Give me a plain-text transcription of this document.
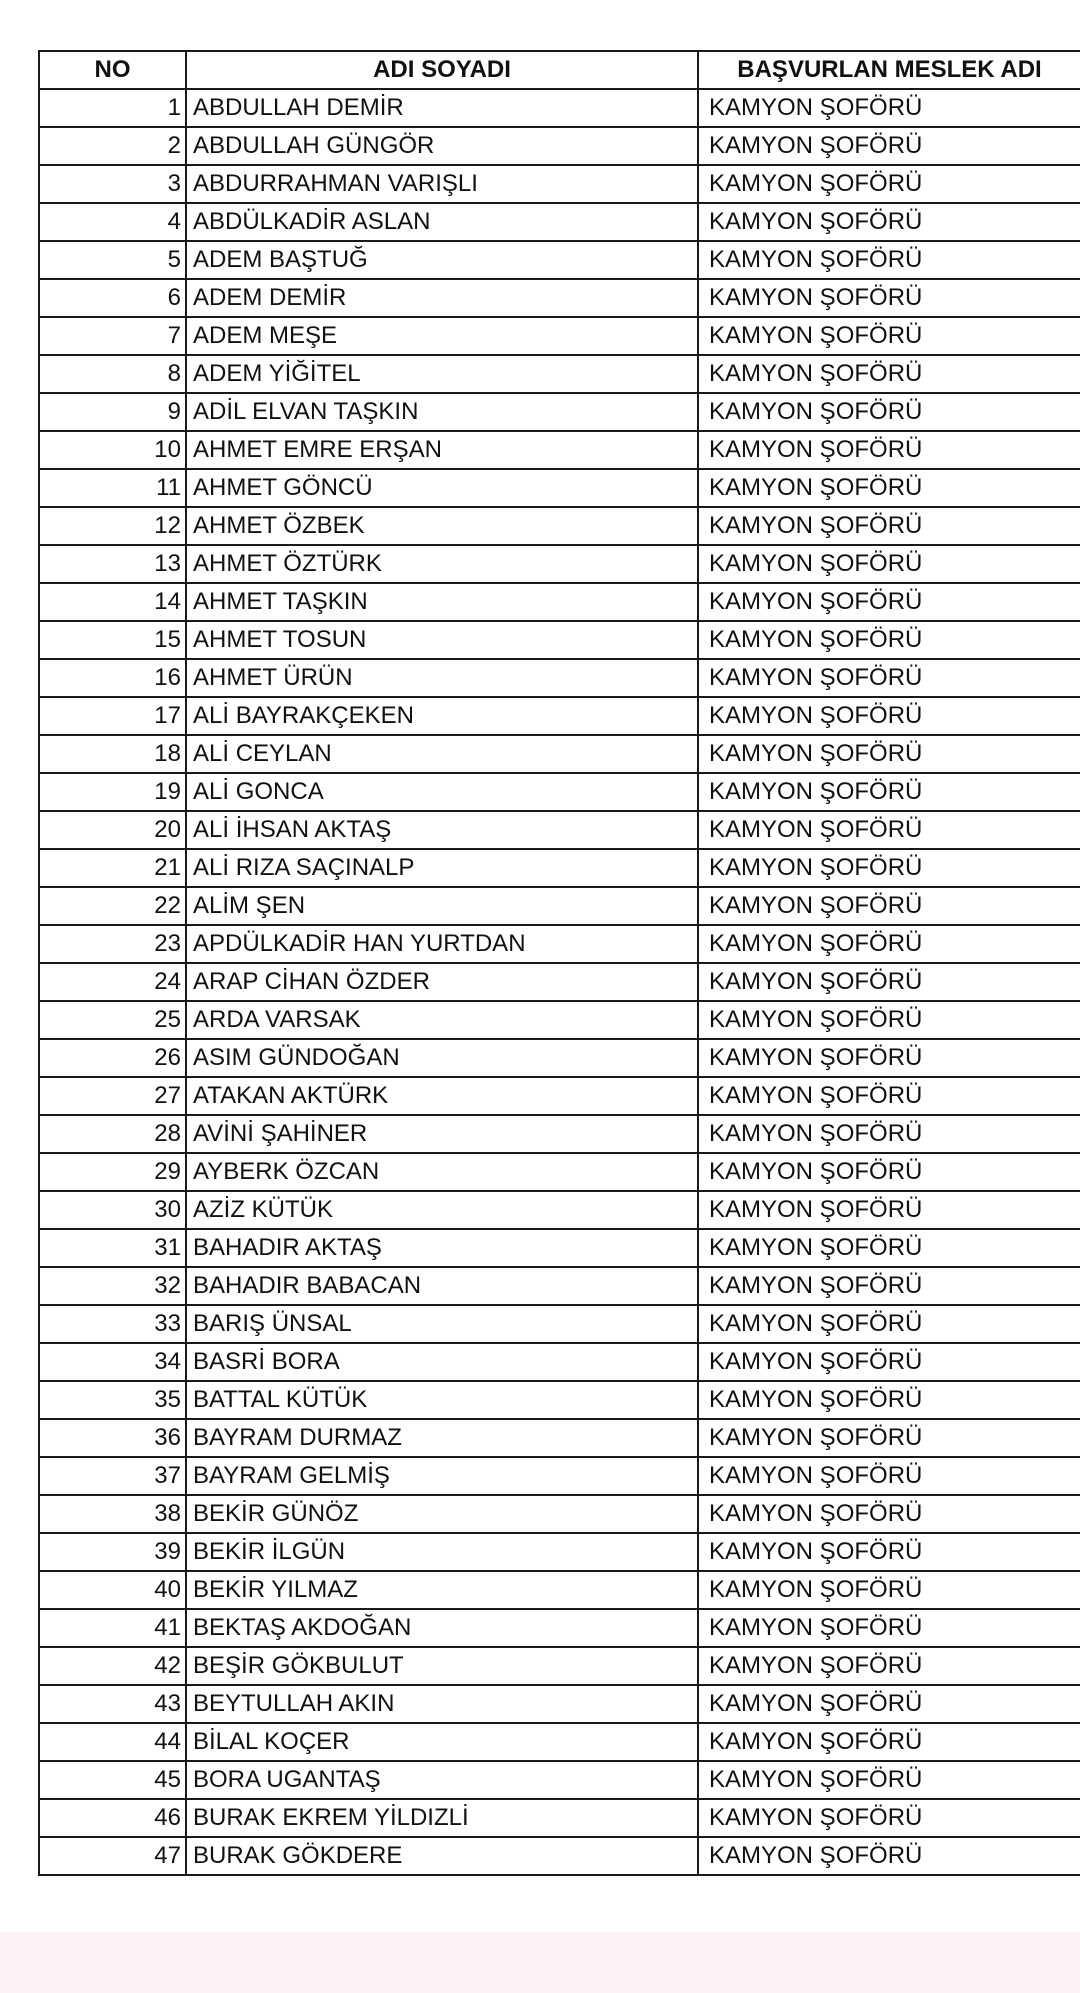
NO	ADI SOYADI	BAŞVURLAN MESLEK ADI
1	ABDULLAH DEMİR	KAMYON ŞOFÖRÜ
2	ABDULLAH GÜNGÖR	KAMYON ŞOFÖRÜ
3	ABDURRAHMAN VARIŞLI	KAMYON ŞOFÖRÜ
4	ABDÜLKADİR ASLAN	KAMYON ŞOFÖRÜ
5	ADEM BAŞTUĞ	KAMYON ŞOFÖRÜ
6	ADEM DEMİR	KAMYON ŞOFÖRÜ
7	ADEM MEŞE	KAMYON ŞOFÖRÜ
8	ADEM YİĞİTEL	KAMYON ŞOFÖRÜ
9	ADİL ELVAN TAŞKIN	KAMYON ŞOFÖRÜ
10	AHMET EMRE ERŞAN	KAMYON ŞOFÖRÜ
11	AHMET GÖNCÜ	KAMYON ŞOFÖRÜ
12	AHMET ÖZBEK	KAMYON ŞOFÖRÜ
13	AHMET ÖZTÜRK	KAMYON ŞOFÖRÜ
14	AHMET TAŞKIN	KAMYON ŞOFÖRÜ
15	AHMET TOSUN	KAMYON ŞOFÖRÜ
16	AHMET ÜRÜN	KAMYON ŞOFÖRÜ
17	ALİ BAYRAKÇEKEN	KAMYON ŞOFÖRÜ
18	ALİ CEYLAN	KAMYON ŞOFÖRÜ
19	ALİ GONCA	KAMYON ŞOFÖRÜ
20	ALİ İHSAN AKTAŞ	KAMYON ŞOFÖRÜ
21	ALİ RIZA SAÇINALP	KAMYON ŞOFÖRÜ
22	ALİM ŞEN	KAMYON ŞOFÖRÜ
23	APDÜLKADİR HAN YURTDAN	KAMYON ŞOFÖRÜ
24	ARAP CİHAN ÖZDER	KAMYON ŞOFÖRÜ
25	ARDA VARSAK	KAMYON ŞOFÖRÜ
26	ASIM GÜNDOĞAN	KAMYON ŞOFÖRÜ
27	ATAKAN AKTÜRK	KAMYON ŞOFÖRÜ
28	AVİNİ ŞAHİNER	KAMYON ŞOFÖRÜ
29	AYBERK ÖZCAN	KAMYON ŞOFÖRÜ
30	AZİZ KÜTÜK	KAMYON ŞOFÖRÜ
31	BAHADIR AKTAŞ	KAMYON ŞOFÖRÜ
32	BAHADIR BABACAN	KAMYON ŞOFÖRÜ
33	BARIŞ ÜNSAL	KAMYON ŞOFÖRÜ
34	BASRİ BORA	KAMYON ŞOFÖRÜ
35	BATTAL KÜTÜK	KAMYON ŞOFÖRÜ
36	BAYRAM DURMAZ	KAMYON ŞOFÖRÜ
37	BAYRAM GELMİŞ	KAMYON ŞOFÖRÜ
38	BEKİR GÜNÖZ	KAMYON ŞOFÖRÜ
39	BEKİR İLGÜN	KAMYON ŞOFÖRÜ
40	BEKİR YILMAZ	KAMYON ŞOFÖRÜ
41	BEKTAŞ AKDOĞAN	KAMYON ŞOFÖRÜ
42	BEŞİR GÖKBULUT	KAMYON ŞOFÖRÜ
43	BEYTULLAH AKIN	KAMYON ŞOFÖRÜ
44	BİLAL KOÇER	KAMYON ŞOFÖRÜ
45	BORA UGANTAŞ	KAMYON ŞOFÖRÜ
46	BURAK EKREM YİLDIZLİ	KAMYON ŞOFÖRÜ
47	BURAK GÖKDERE	KAMYON ŞOFÖRÜ
